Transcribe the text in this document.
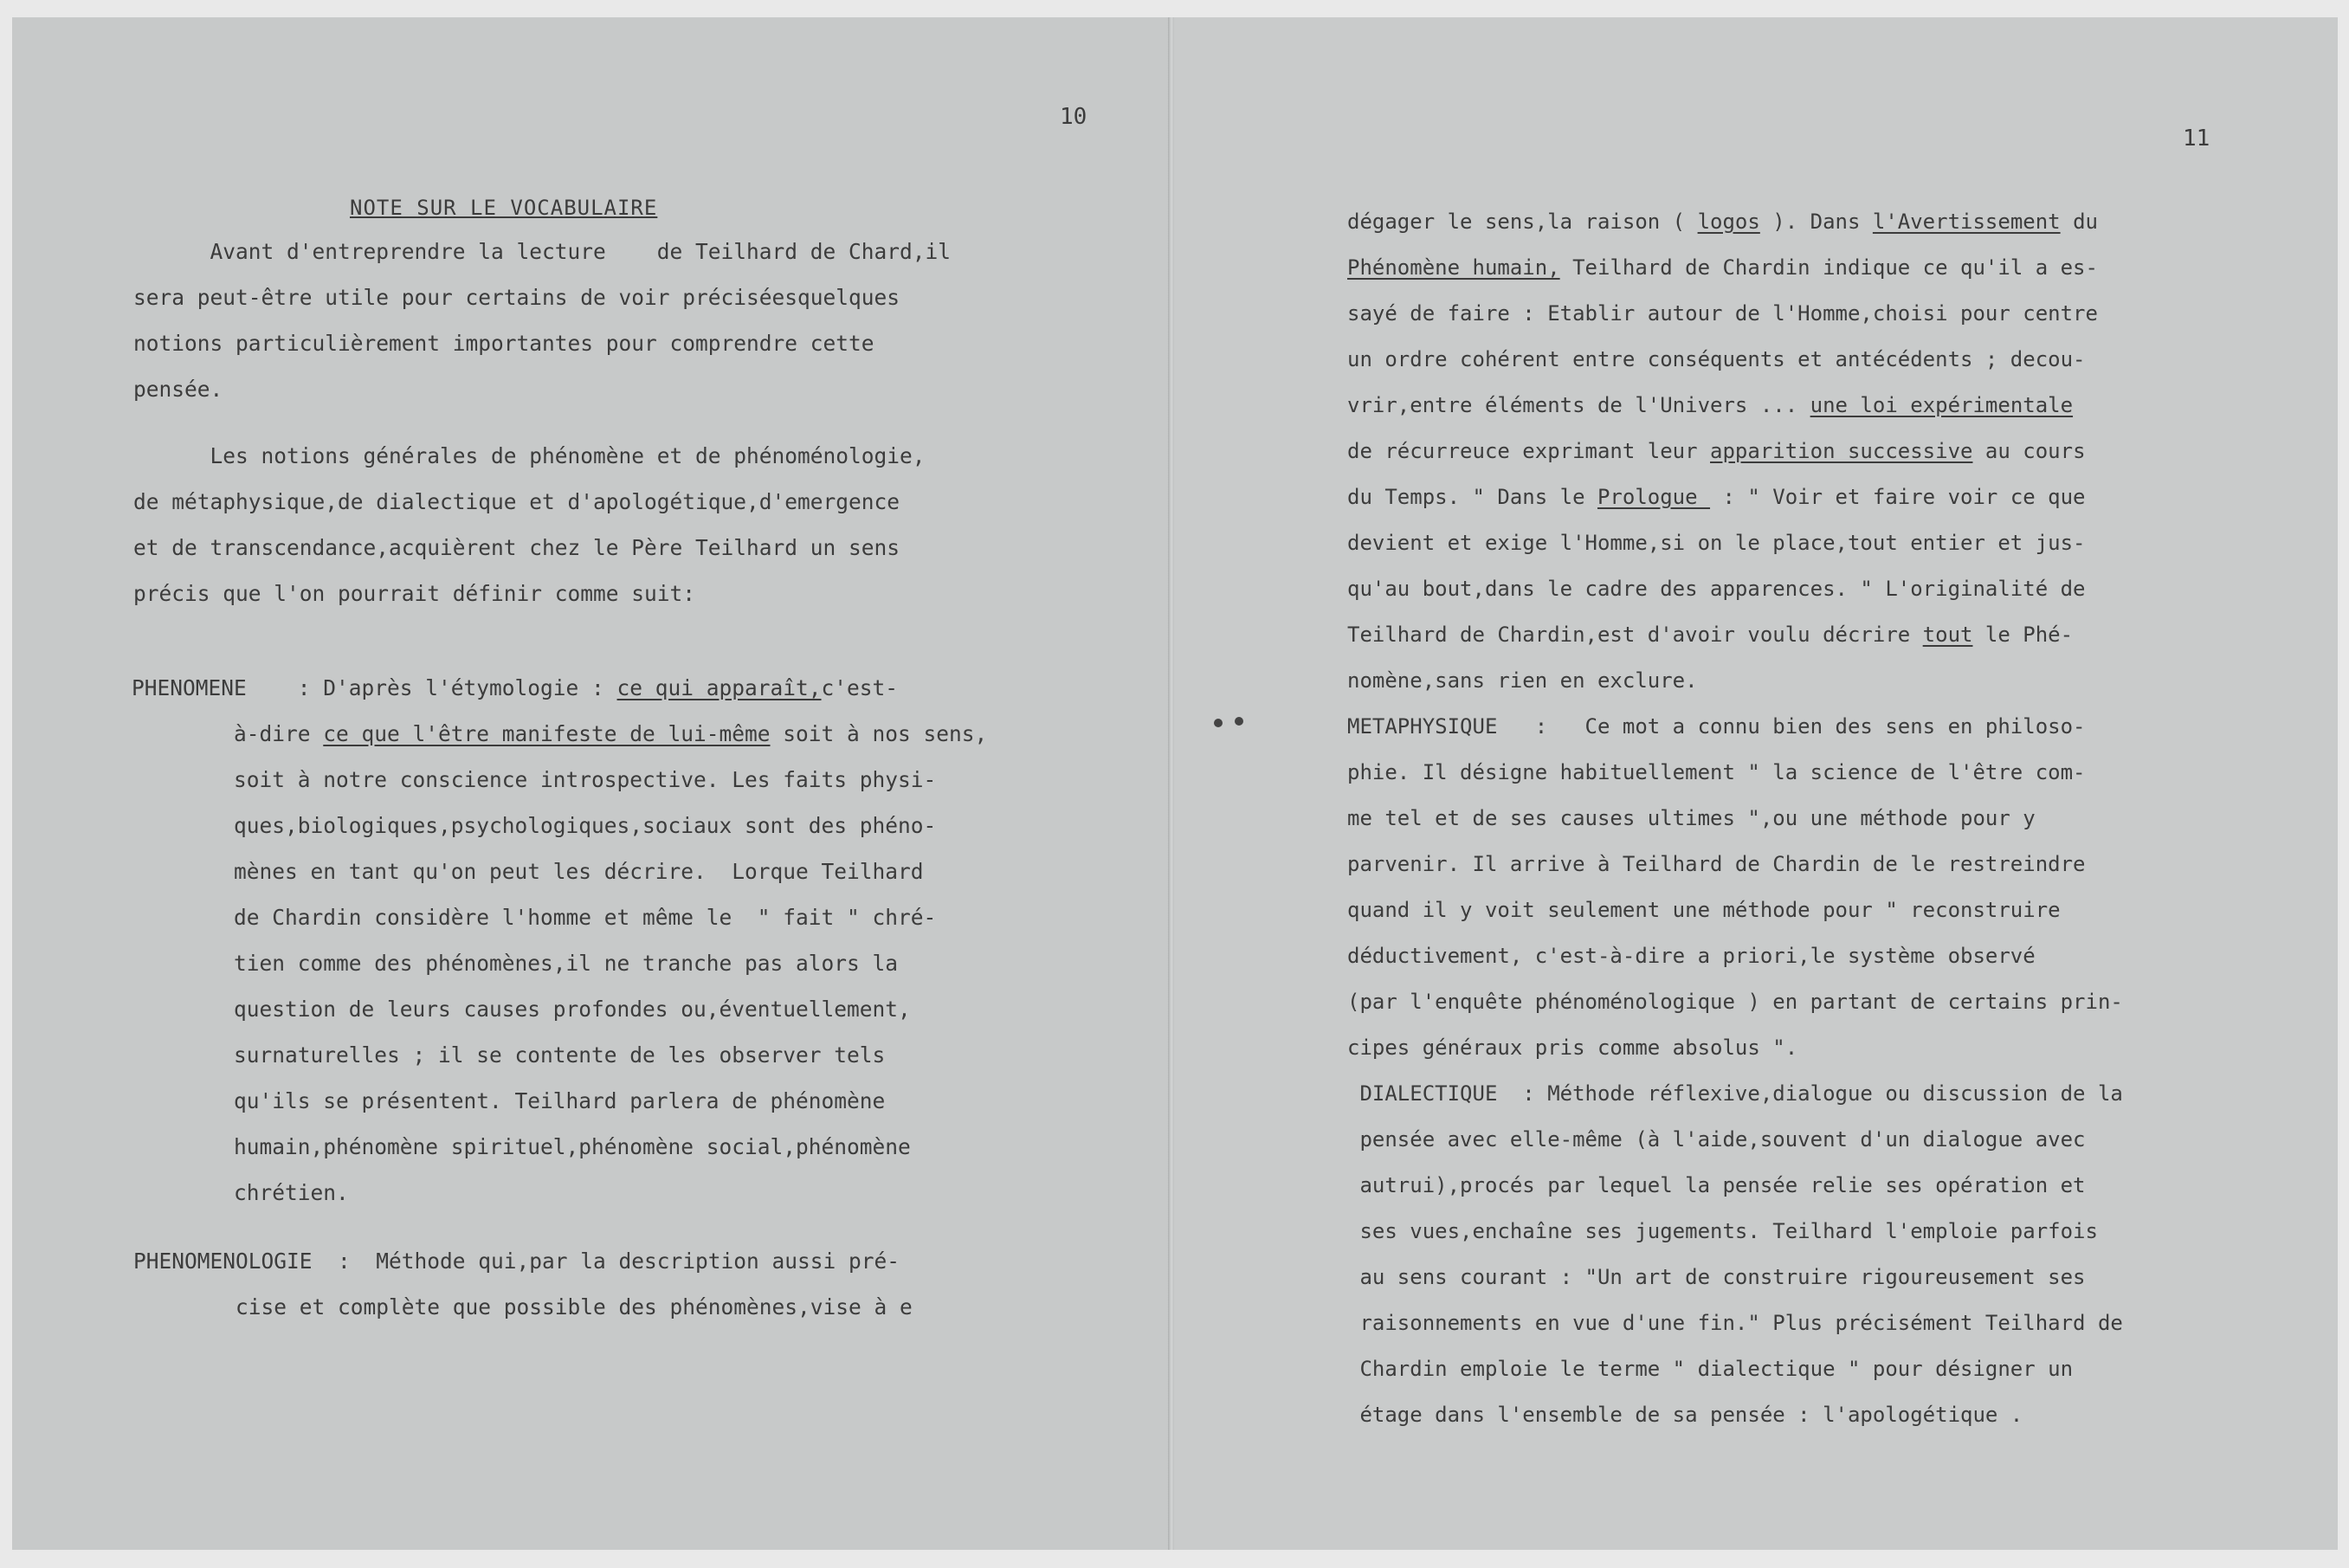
10
NOTE SUR LE VOCABULAIRE
Avant d'entreprendre la lecture    de Teilhard de Chard,il
sera peut-être utile pour certains de voir préciséesquelques
notions particulièrement importantes pour comprendre cette
pensée.
Les notions générales de phénomène et de phénoménologie,
de métaphysique,de dialectique et d'apologétique,d'emergence
et de transcendance,acquièrent chez le Père Teilhard un sens
précis que l'on pourrait définir comme suit:
PHENOMENE    : D'après l'étymologie : ce qui apparaît,c'est-
à-dire ce que l'être manifeste de lui-même soit à nos sens,
soit à notre conscience introspective. Les faits physi-
ques,biologiques,psychologiques,sociaux sont des phéno-
mènes en tant qu'on peut les décrire.  Lorque Teilhard
de Chardin considère l'homme et même le  " fait " chré-
tien comme des phénomènes,il ne tranche pas alors la
question de leurs causes profondes ou,éventuellement,
surnaturelles ; il se contente de les observer tels
qu'ils se présentent. Teilhard parlera de phénomène
humain,phénomène spirituel,phénomène social,phénomène
chrétien.
PHENOMENOLOGIE  :  Méthode qui,par la description aussi pré-
cise et complète que possible des phénomènes,vise à e
11
dégager le sens,la raison ( logos ). Dans l'Avertissement du
Phénomène humain, Teilhard de Chardin indique ce qu'il a es-
sayé de faire : Etablir autour de l'Homme,choisi pour centre
un ordre cohérent entre conséquents et antécédents ; decou-
vrir,entre éléments de l'Univers ... une loi expérimentale
de récurreuce exprimant leur apparition successive au cours
du Temps. " Dans le Prologue  : " Voir et faire voir ce que
devient et exige l'Homme,si on le place,tout entier et jus-
qu'au bout,dans le cadre des apparences. " L'originalité de
Teilhard de Chardin,est d'avoir voulu décrire tout le Phé-
nomène,sans rien en exclure.
METAPHYSIQUE   :   Ce mot a connu bien des sens en philoso-
phie. Il désigne habituellement " la science de l'être com-
me tel et de ses causes ultimes ",ou une méthode pour y
parvenir. Il arrive à Teilhard de Chardin de le restreindre
quand il y voit seulement une méthode pour " reconstruire
déductivement, c'est-à-dire a priori,le système observé
(par l'enquête phénoménologique ) en partant de certains prin-
cipes généraux pris comme absolus ".
DIALECTIQUE  : Méthode réflexive,dialogue ou discussion de la
pensée avec elle-même (à l'aide,souvent d'un dialogue avec
autrui),procés par lequel la pensée relie ses opération et
ses vues,enchaîne ses jugements. Teilhard l'emploie parfois
au sens courant : "Un art de construire rigoureusement ses
raisonnements en vue d'une fin." Plus précisément Teilhard de
Chardin emploie le terme " dialectique " pour désigner un
étage dans l'ensemble de sa pensée : l'apologétique .
